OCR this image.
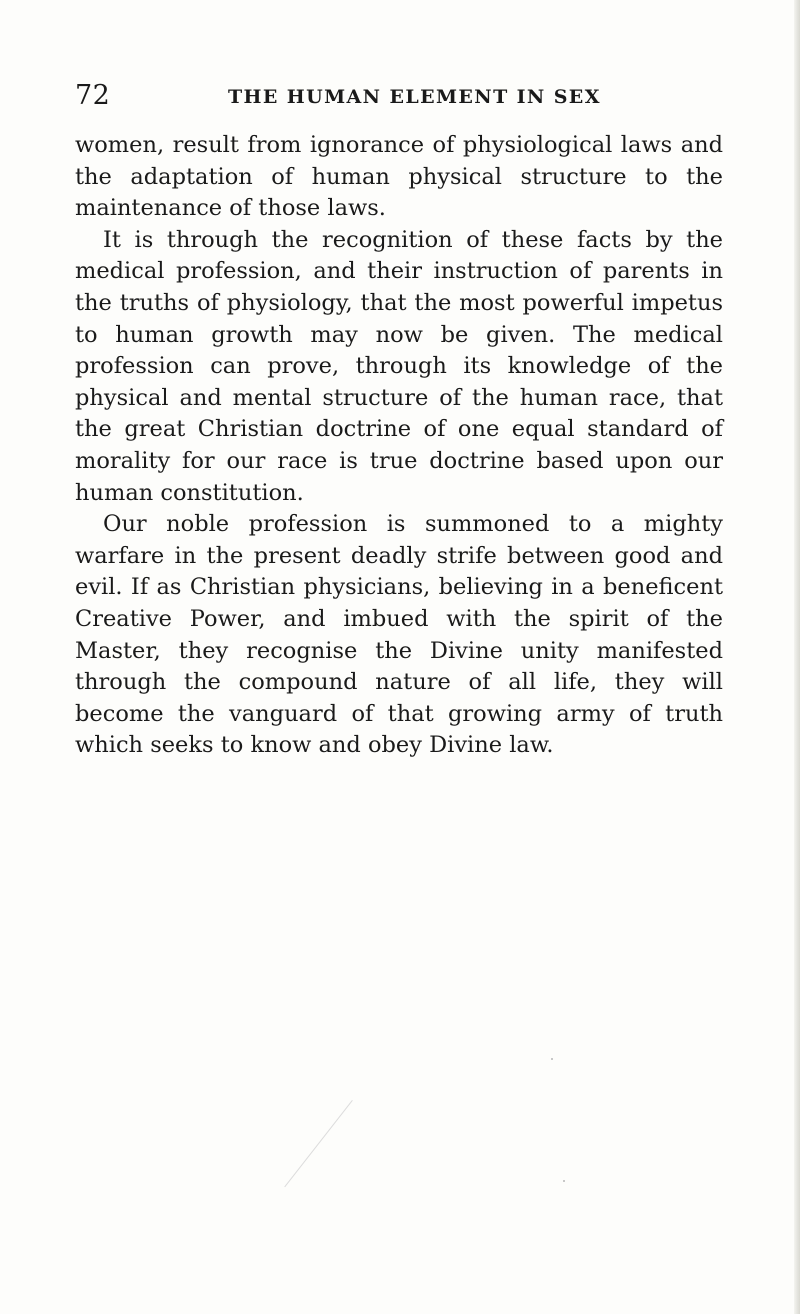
72	THE HUMAN ELEMENT IN SEX

women, result from ignorance of physiological laws and the adaptation of human physical structure to the maintenance of those laws.

It is through the recognition of these facts by the medical profession, and their instruction of parents in the truths of physiology, that the most powerful impetus to human growth may now be given. The medical profession can prove, through its knowledge of the physical and mental structure of the human race, that the great Christian doctrine of one equal standard of morality for our race is true doctrine based upon our human constitution.

Our noble profession is summoned to a mighty warfare in the present deadly strife between good and evil. If as Christian physicians, believing in a beneficent Creative Power, and imbued with the spirit of the Master, they recognise the Divine unity manifested through the compound nature of all life, they will become the vanguard of that growing army of truth which seeks to know and obey Divine law.
